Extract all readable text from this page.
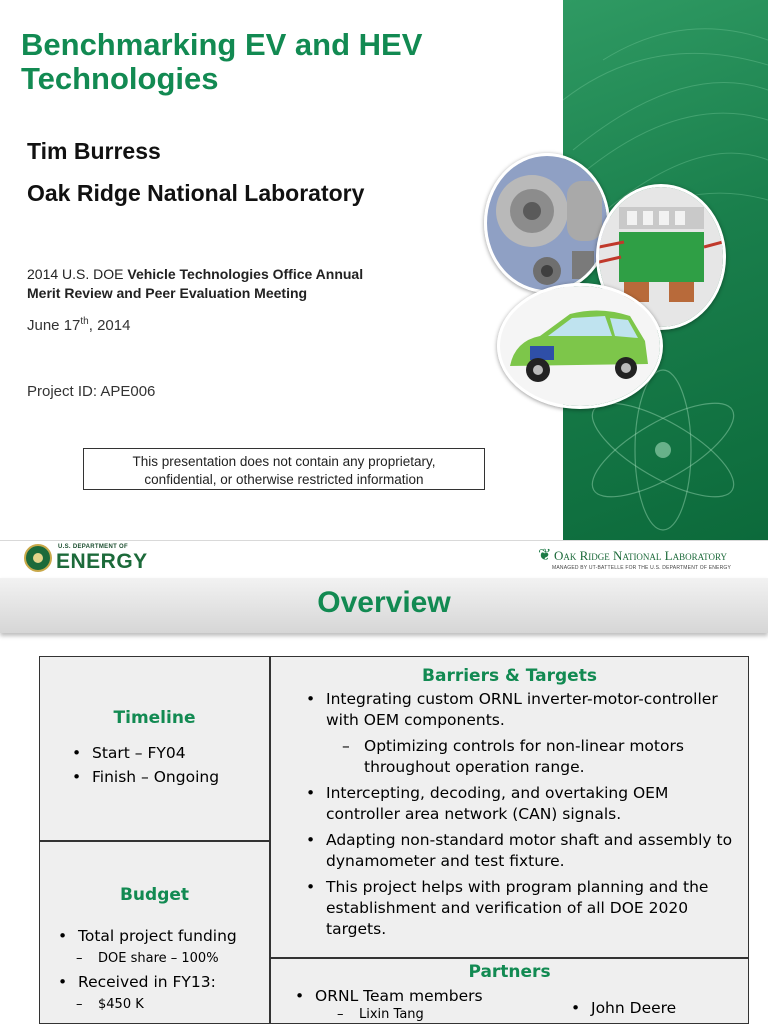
Benchmarking EV and HEV Technologies
Tim Burress
Oak Ridge National Laboratory
2014 U.S. DOE Vehicle Technologies Office Annual
Merit Review and Peer Evaluation Meeting
June 17th, 2014
Project ID: APE006
This presentation does not contain any proprietary,
confidential, or otherwise restricted information
U.S. DEPARTMENT OF
ENERGY	❦ Oak Ridge National Laboratory
MANAGED BY UT-BATTELLE FOR THE U.S. DEPARTMENT OF ENERGY
Overview
Timeline
• Start – FY04
• Finish – Ongoing
Budget
• Total project funding
– DOE share – 100%
• Received in FY13:
– $450 K
Barriers & Targets
• Integrating custom ORNL inverter-motor-controller with OEM components.
– Optimizing controls for non-linear motors throughout operation range.
• Intercepting, decoding, and overtaking OEM controller area network (CAN) signals.
• Adapting non-standard motor shaft and assembly to dynamometer and test fixture.
• This project helps with program planning and the establishment and verification of all DOE 2020 targets.
Partners
• ORNL Team members
– Lixin Tang
•	John Deere
